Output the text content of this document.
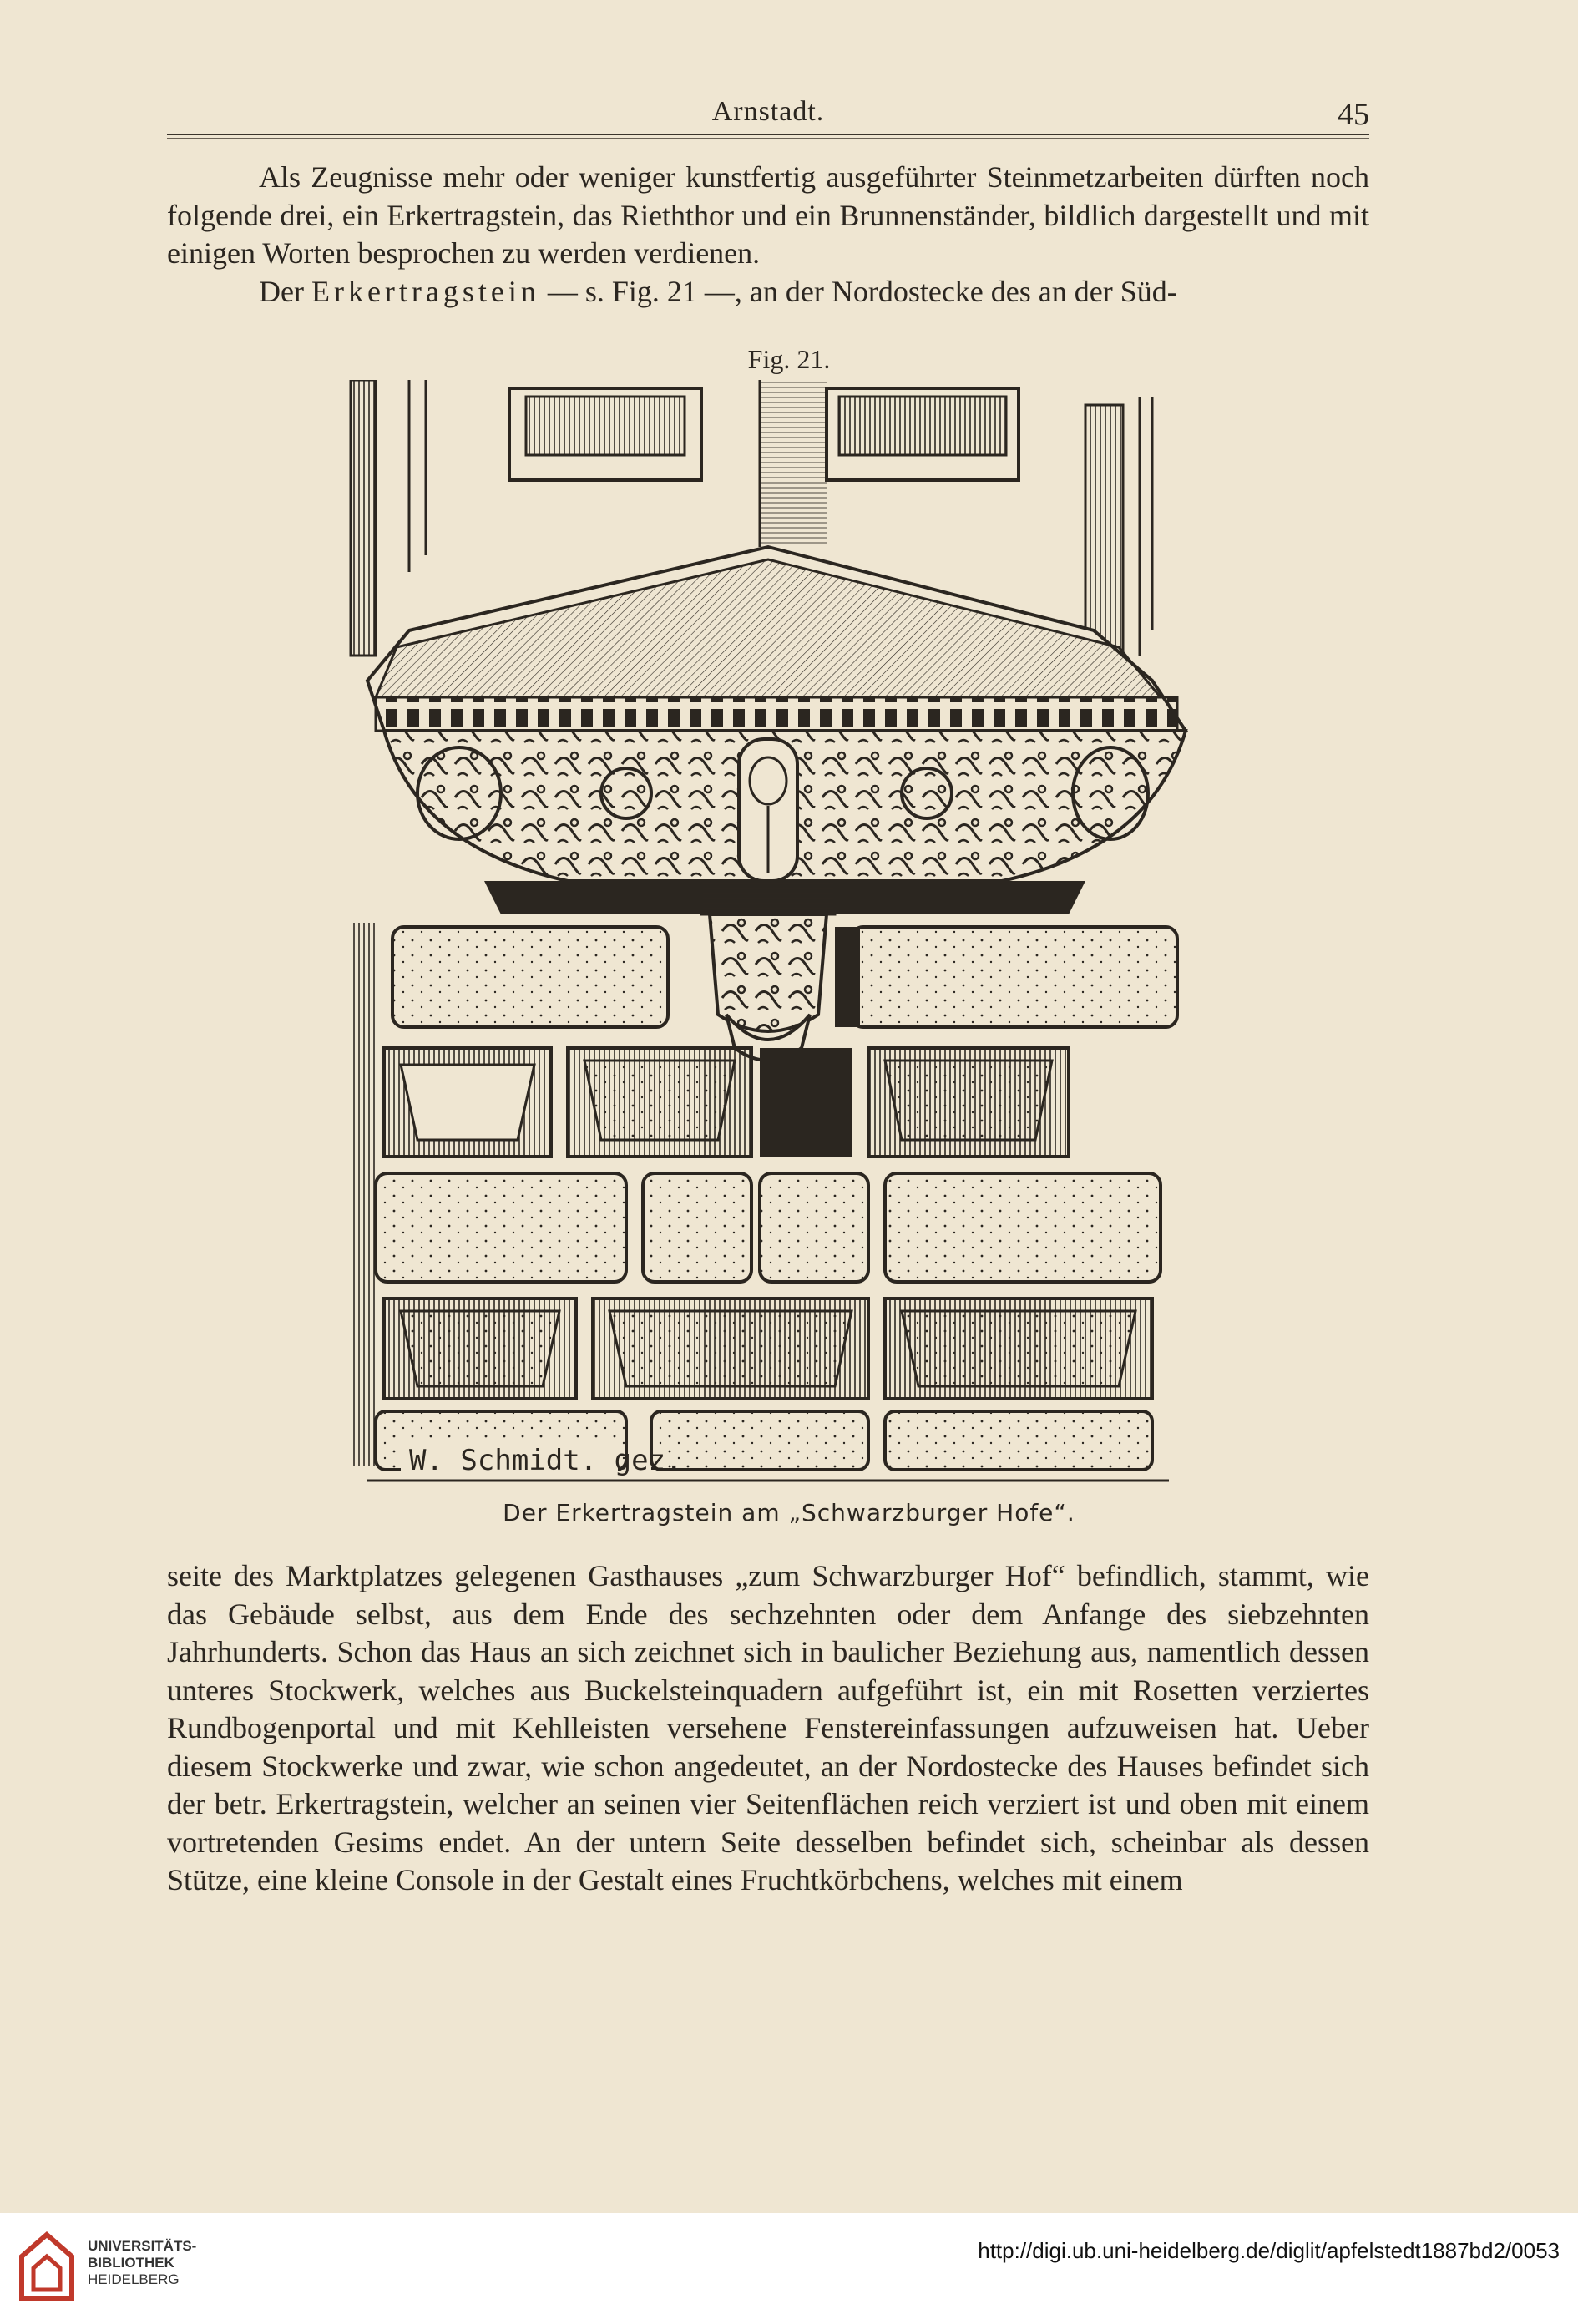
Arnstadt.	45

Als Zeugnisse mehr oder weniger kunstfertig ausgeführter Steinmetzarbeiten dürften noch folgende drei, ein Erkertragstein, das Rieththor und ein Brunnenständer, bildlich dargestellt und mit einigen Worten besprochen zu werden verdienen.

Der Erkertragstein — s. Fig. 21 —, an der Nordostecke des an der Süd-

Fig. 21.
W. Schmidt. gez.
Der Erkertragstein am „Schwarzburger Hofe“.

seite des Marktplatzes gelegenen Gasthauses „zum Schwarzburger Hof“ befindlich, stammt, wie das Gebäude selbst, aus dem Ende des sechzehnten oder dem Anfange des siebzehnten Jahrhunderts. Schon das Haus an sich zeichnet sich in baulicher Beziehung aus, namentlich dessen unteres Stockwerk, welches aus Buckelsteinquadern aufgeführt ist, ein mit Rosetten verziertes Rundbogenportal und mit Kehlleisten versehene Fenstereinfassungen aufzuweisen hat. Ueber diesem Stockwerke und zwar, wie schon angedeutet, an der Nordostecke des Hauses befindet sich der betr. Erkertragstein, welcher an seinen vier Seitenflächen reich verziert ist und oben mit einem vortretenden Gesims endet. An der untern Seite desselben befindet sich, scheinbar als dessen Stütze, eine kleine Console in der Gestalt eines Fruchtkörbchens, welches mit einem

UNIVERSITÄTS-
BIBLIOTHEK
HEIDELBERG
http://digi.ub.uni-heidelberg.de/diglit/apfelstedt1887bd2/0053
